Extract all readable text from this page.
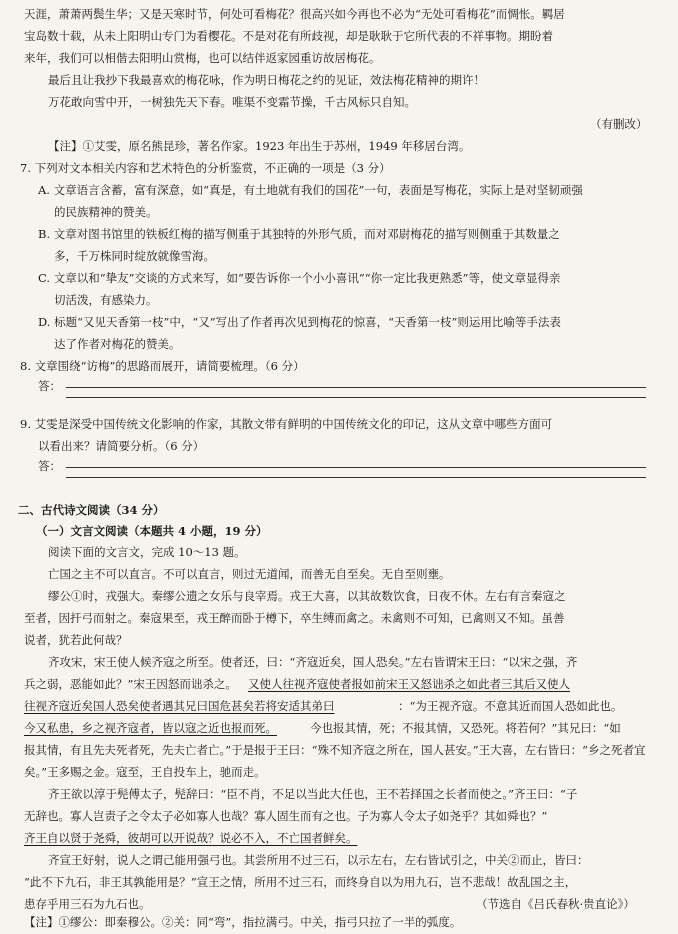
天涯，萧萧两鬓生华；又是天寒时节，何处可看梅花？很高兴如今再也不必为“无处可看梅花”而惆怅。羁居
宝岛数十载，从未上阳明山专门为看樱花。不是对花有所歧视，却是耿耿于它所代表的不祥事物。期盼着
来年，我们可以相偕去阳明山赏梅，也可以结伴返家园重访故居梅花。
最后且让我抄下我最喜欢的梅花咏，作为明日梅花之约的见证，效法梅花精神的期许！
万花敢向雪中开，一树独先天下春。唯渠不变霜节操，千古风标只自知。
（有删改）
【注】①艾雯，原名熊昆珍，著名作家。1923 年出生于苏州，1949 年移居台湾。
7. 下列对文本相关内容和艺术特色的分析鉴赏，不正确的一项是（3 分）
A. 文章语言含蓄，富有深意，如“真是，有土地就有我们的国花”一句，表面是写梅花，实际上是对坚韧顽强
的民族精神的赞美。
B. 文章对图书馆里的铁板红梅的描写侧重于其独特的外形气质，而对邓尉梅花的描写则侧重于其数量之
多，千万株同时绽放就像雪海。
C. 文章以和“挚友”交谈的方式来写，如“要告诉你一个小小喜讯”“你一定比我更熟悉”等，使文章显得亲
切活泼，有感染力。
D. 标题“又见天香第一枝”中，“又”写出了作者再次见到梅花的惊喜，“天香第一枝”则运用比喻等手法表
达了作者对梅花的赞美。
8. 文章围绕“访梅”的思路而展开，请简要梳理。（6 分）
答：
9. 艾雯是深受中国传统文化影响的作家，其散文带有鲜明的中国传统文化的印记，这从文章中哪些方面可
以看出来？请简要分析。（6 分）
答：
二、古代诗文阅读（34 分）
（一）文言文阅读（本题共 4 小题，19 分）
阅读下面的文言文，完成 10～13 题。
亡国之主不可以直言。不可以直言，则过无道闻，而善无自至矣。无自至则壅。
缪公①时，戎强大。秦缪公遗之女乐与良宰焉。戎王大喜，以其故数饮食，日夜不休。左右有言秦寇之
至者，因扞弓而射之。秦寇果至，戎王醉而卧于樽下，卒生缚而禽之。未禽则不可知，已禽则又不知。虽善
说者，犹若此何哉？
齐攻宋，宋王使人候齐寇之所至。使者还，曰：“齐寇近矣，国人恐矣。”左右皆谓宋王曰：“以宋之强，齐
兵之弱，恶能如此？”宋王因怒而诎杀之。 又使人往视齐寇使者报如前宋王又怒诎杀之如此者三其后又使人
往视齐寇近矣国人恐矣使者遇其兄曰国危甚矣若将安适其弟曰	：“为王视齐寇。不意其近而国人恐如此也。
今又私患，乡之视齐寇者，皆以寇之近也报而死。	今也报其情，死；不报其情，又恐死。将若何？”其兄曰：“如
报其情，有且先夫死者死，先夫亡者亡。”于是报于王曰：“殊不知齐寇之所在，国人甚安。”王大喜，左右皆曰：“乡之死者宜
矣。”王多赐之金。寇至，王自投车上，驰而走。
齐王欲以淳于髡傅太子，髡辞曰：“臣不肖，不足以当此大任也，王不若择国之长者而使之。”齐王曰：“子
无辞也。寡人岂责子之令太子必如寡人也哉？寡人固生而有之也。子为寡人令太子如尧乎？其如舜也？”
齐王自以贤于尧舜，彼胡可以开说哉？说必不入，不亡国者鲜矣。
齐宣王好射，说人之谓己能用强弓也。其尝所用不过三石，以示左右，左右皆试引之，中关②而止，皆曰：
“此不下九石，非王其孰能用是？”宣王之情，所用不过三石，而终身自以为用九石，岂不悲哉！故乱国之主，
患存乎用三石为九石也。	（节选自《吕氏春秋·贵直论》）
【注】①缪公：即秦穆公。②关：同“弯”，指拉满弓。中关，指弓只拉了一半的弧度。
